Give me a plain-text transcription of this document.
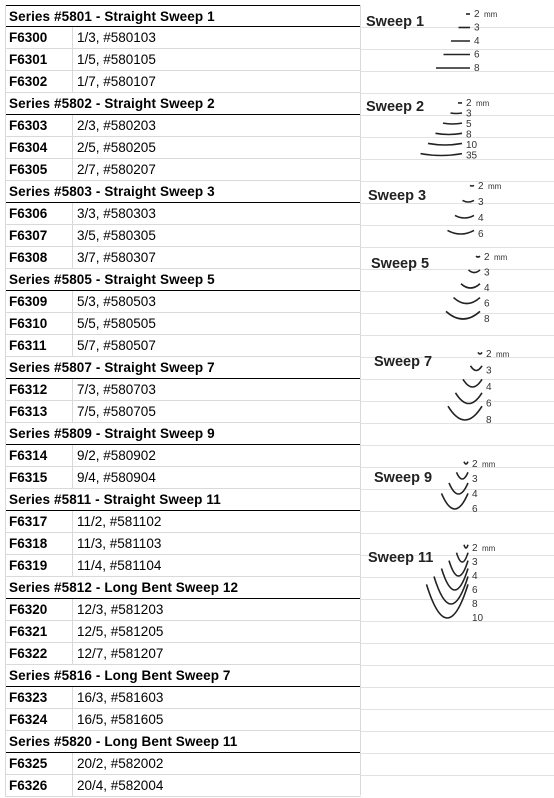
Series #5801 - Straight Sweep 1
F6300	1/3, #580103
F6301	1/5, #580105
F6302	1/7, #580107
Series #5802 - Straight Sweep 2
F6303	2/3, #580203
F6304	2/5, #580205
F6305	2/7, #580207
Series #5803 - Straight Sweep 3
F6306	3/3, #580303
F6307	3/5, #580305
F6308	3/7, #580307
Series #5805 - Straight Sweep 5
F6309	5/3, #580503
F6310	5/5, #580505
F6311	5/7, #580507
Series #5807 - Straight Sweep 7
F6312	7/3, #580703
F6313	7/5, #580705
Series #5809 - Straight Sweep 9
F6314	9/2, #580902
F6315	9/4, #580904
Series #5811 - Straight Sweep 11
F6317	11/2, #581102
F6318	11/3, #581103
F6319	11/4, #581104
Series #5812 - Long Bent Sweep 12
F6320	12/3, #581203
F6321	12/5, #581205
F6322	12/7, #581207
Series #5816 - Long Bent Sweep 7
F6323	16/3, #581603
F6324	16/5, #581605
Series #5820 - Long Bent Sweep 11
F6325	20/2, #582002
F6326	20/4, #582004
Sweep 1	2 mm
3
4
6
8
Sweep 2	2 mm
3
5
8
10
35
Sweep 3
2 mm
3
4
6
Sweep 5	2 mm
3
4
6
8
Sweep 7	2 mm
3
4
6
8
Sweep 9
2 mm
3
4
6
Sweep 11
2 mm
3
4
6
8
10
